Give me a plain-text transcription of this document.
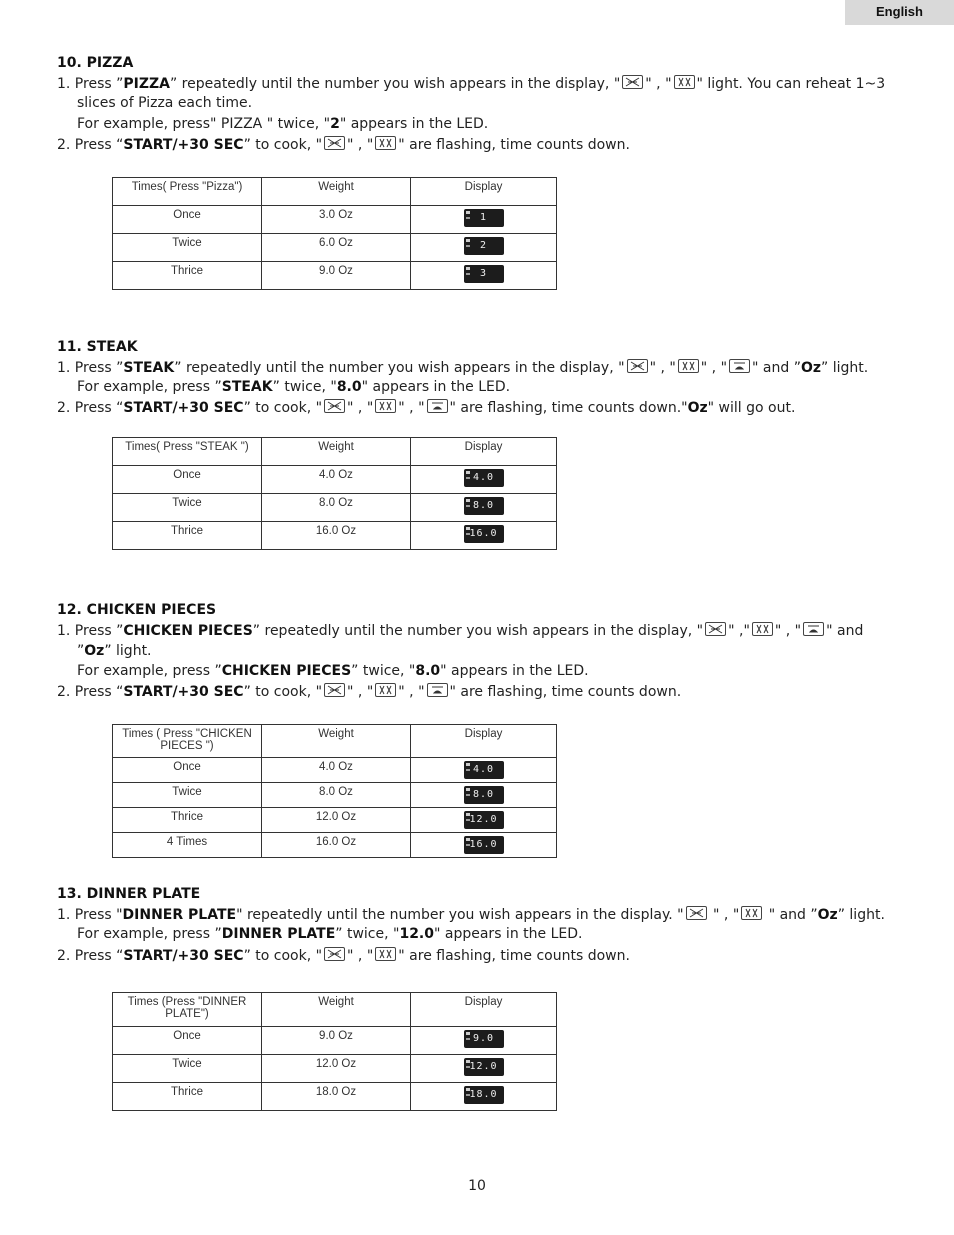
English
10. PIZZA
1. Press ”PIZZA” repeatedly until the number you wish appears in the display, " " , " " light. You can reheat 1~3
slices of Pizza each time.
For example, press" PIZZA " twice, "2" appears in the LED.
2. Press “START/+30 SEC” to cook, " " , " " are flashing, time counts down.
Times( Press "Pizza")	Weight	Display
Once	3.0 Oz	1
Twice	6.0 Oz	2
Thrice	9.0 Oz	3
11. STEAK
1. Press ”STEAK” repeatedly until the number you wish appears in the display, " " , " " , " " and ”Oz” light.
For example, press ”STEAK” twice, "8.0" appears in the LED.
2. Press “START/+30 SEC” to cook, " " , " " , " " are flashing, time counts down."Oz" will go out.
Times( Press "STEAK ")	Weight	Display
Once	4.0 Oz	4.0
Twice	8.0 Oz	8.0
Thrice	16.0 Oz	16.0
12. CHICKEN PIECES
1. Press ”CHICKEN PIECES” repeatedly until the number you wish appears in the display, " " ," " , " " and
”Oz” light.
For example, press ”CHICKEN PIECES” twice, "8.0" appears in the LED.
2. Press “START/+30 SEC” to cook, " " , " " , " " are flashing, time counts down.
Times ( Press "CHICKEN PIECES ")	Weight	Display
Once	4.0 Oz	4.0
Twice	8.0 Oz	8.0
Thrice	12.0 Oz	12.0
4 Times	16.0 Oz	16.0
13. DINNER PLATE
1. Press "DINNER PLATE" repeatedly until the number you wish appears in the display. "
" , "
" and ”Oz” light.
For example, press ”DINNER PLATE” twice, "12.0" appears in the LED.
2. Press “START/+30 SEC” to cook, " " , " " are flashing, time counts down.
Times (Press "DINNER PLATE")	Weight	Display
Once	9.0 Oz	9.0
Twice	12.0 Oz	12.0
Thrice	18.0 Oz	18.0
10
